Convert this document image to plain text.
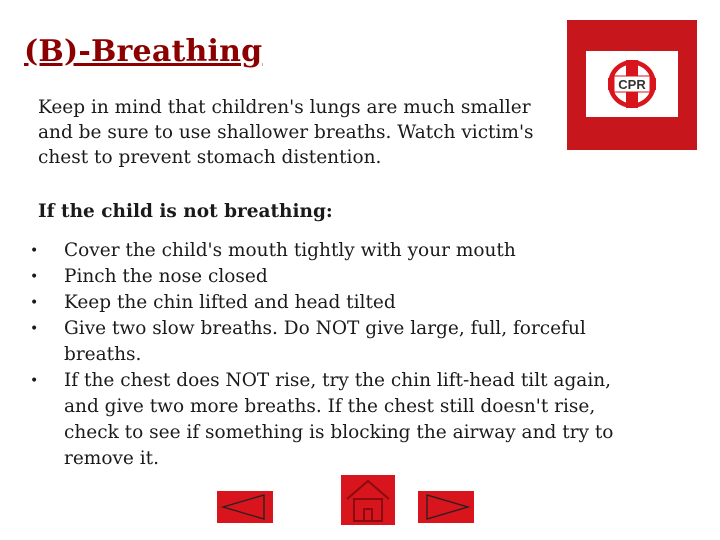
(B)-Breathing
CPR

Keep in mind that children's lungs are much smaller and be sure to use shallower breaths. Watch victim's chest to prevent stomach distention.

If the child is not breathing:

• Cover the child's mouth tightly with your mouth
• Pinch the nose closed
• Keep the chin lifted and head tilted
• Give two slow breaths. Do NOT give large, full, forceful breaths.
• If the chest does NOT rise, try the chin lift-head tilt again, and give two more breaths. If the chest still doesn't rise, check to see if something is blocking the airway and try to remove it.
